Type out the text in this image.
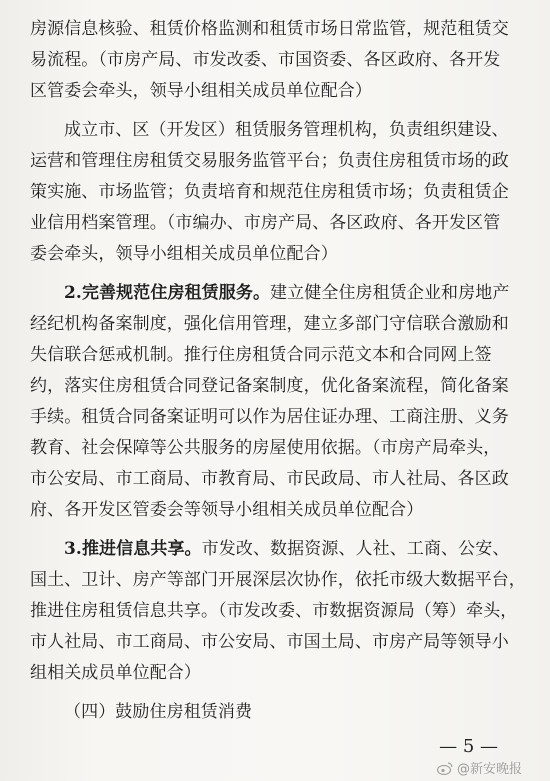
房源信息核验、租赁价格监测和租赁市场日常监管，规范租赁交
易流程。（市房产局、市发改委、市国资委、各区政府、各开发
区管委会牵头，领导小组相关成员单位配合）
成立市、区（开发区）租赁服务管理机构，负责组织建设、
运营和管理住房租赁交易服务监管平台；负责住房租赁市场的政
策实施、市场监管；负责培育和规范住房租赁市场；负责租赁企
业信用档案管理。（市编办、市房产局、各区政府、各开发区管
委会牵头，领导小组相关成员单位配合）
2.完善规范住房租赁服务。建立健全住房租赁企业和房地产
经纪机构备案制度，强化信用管理，建立多部门守信联合激励和
失信联合惩戒机制。推行住房租赁合同示范文本和合同网上签
约，落实住房租赁合同登记备案制度，优化备案流程，简化备案
手续。租赁合同备案证明可以作为居住证办理、工商注册、义务
教育、社会保障等公共服务的房屋使用依据。（市房产局牵头，
市公安局、市工商局、市教育局、市民政局、市人社局、各区政
府、各开发区管委会等领导小组相关成员单位配合）
3.推进信息共享。市发改、数据资源、人社、工商、公安、
国土、卫计、房产等部门开展深层次协作，依托市级大数据平台，
推进住房租赁信息共享。（市发改委、市数据资源局（筹）牵头，
市人社局、市工商局、市公安局、市国土局、市房产局等领导小
组相关成员单位配合）
（四）鼓励住房租赁消费
— 5 —
@新安晚报
